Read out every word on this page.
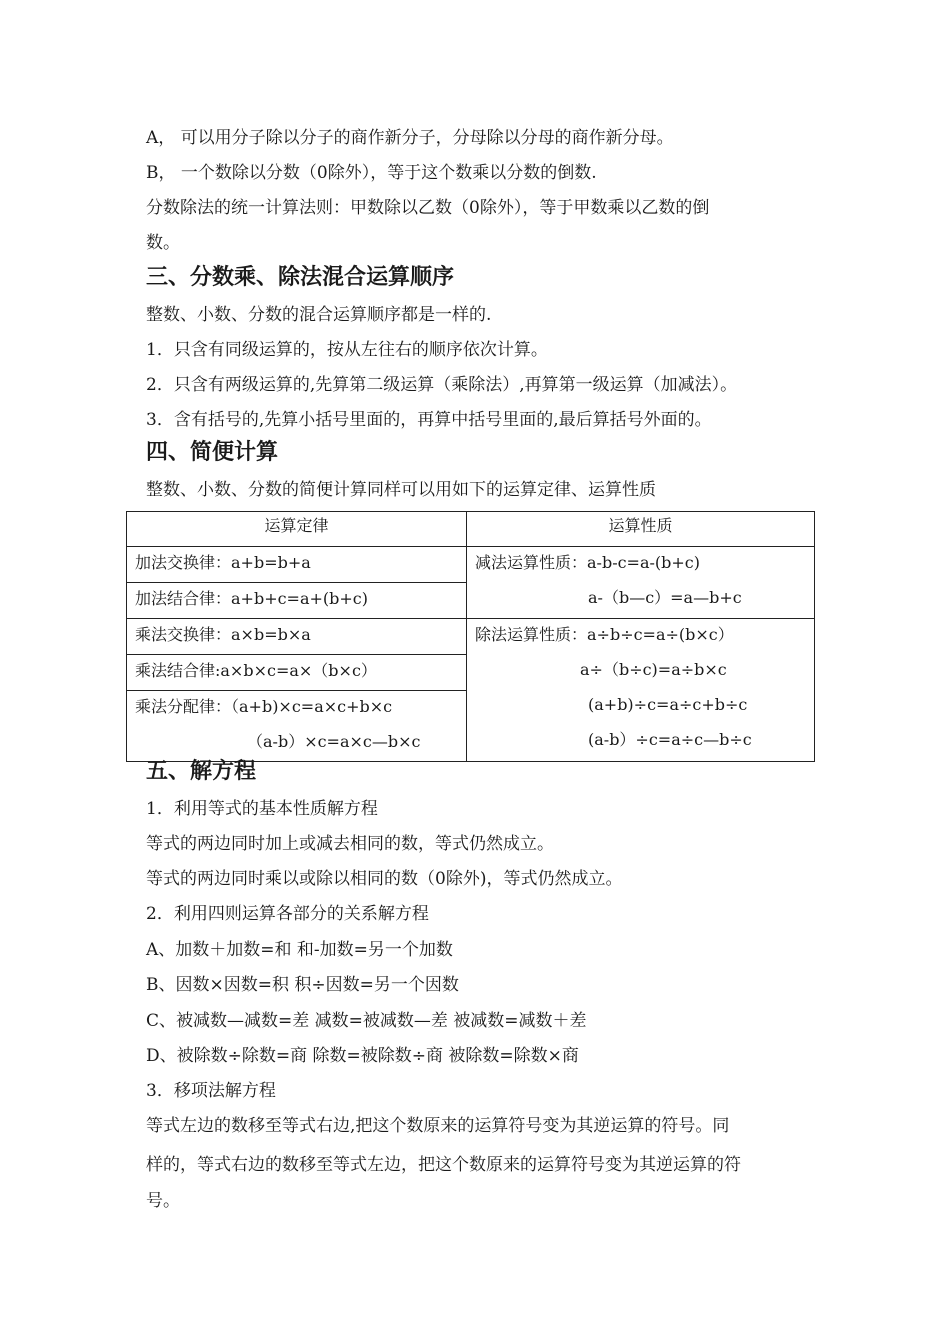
A， 可以用分子除以分子的商作新分子，分母除以分母的商作新分母。
B， 一个数除以分数（0除外），等于这个数乘以分数的倒数.
分数除法的统一计算法则：甲数除以乙数（0除外），等于甲数乘以乙数的倒
数。
三、分数乘、除法混合运算顺序
整数、小数、分数的混合运算顺序都是一样的.
1．只含有同级运算的，按从左往右的顺序依次计算。
2．只含有两级运算的,先算第二级运算（乘除法）,再算第一级运算（加减法）。
3．含有括号的,先算小括号里面的，再算中括号里面的,最后算括号外面的。
四、简便计算
整数、小数、分数的简便计算同样可以用如下的运算定律、运算性质
运算定律	运算性质

加法交换律：a+b=b+a	减法运算性质：a-b-c=a-(b+c)
a-（b—c）=a—b+c

加法结合律：a+b+c=a+(b+c)	

乘法交换律：a×b=b×a	除法运算性质：a÷b÷c=a÷(b×c）
a÷（b÷c)=a÷b×c
(a+b)÷c=a÷c+b÷c
(a-b）÷c=a÷c—b÷c

乘法结合律:a×b×c=a×（b×c）	

乘法分配律：（a+b)×c=a×c+b×c
（a-b）×c=a×c—b×c	
五、解方程
1．利用等式的基本性质解方程
等式的两边同时加上或减去相同的数，等式仍然成立。
等式的两边同时乘以或除以相同的数（0除外)，等式仍然成立。
2．利用四则运算各部分的关系解方程
A、加数＋加数=和 和-加数=另一个加数
B、因数×因数=积 积÷因数=另一个因数
C、被减数—减数=差 减数=被减数—差 被减数=减数＋差
D、被除数÷除数=商 除数=被除数÷商 被除数=除数×商
3．移项法解方程
等式左边的数移至等式右边,把这个数原来的运算符号变为其逆运算的符号。同
样的，等式右边的数移至等式左边，把这个数原来的运算符号变为其逆运算的符
号。
